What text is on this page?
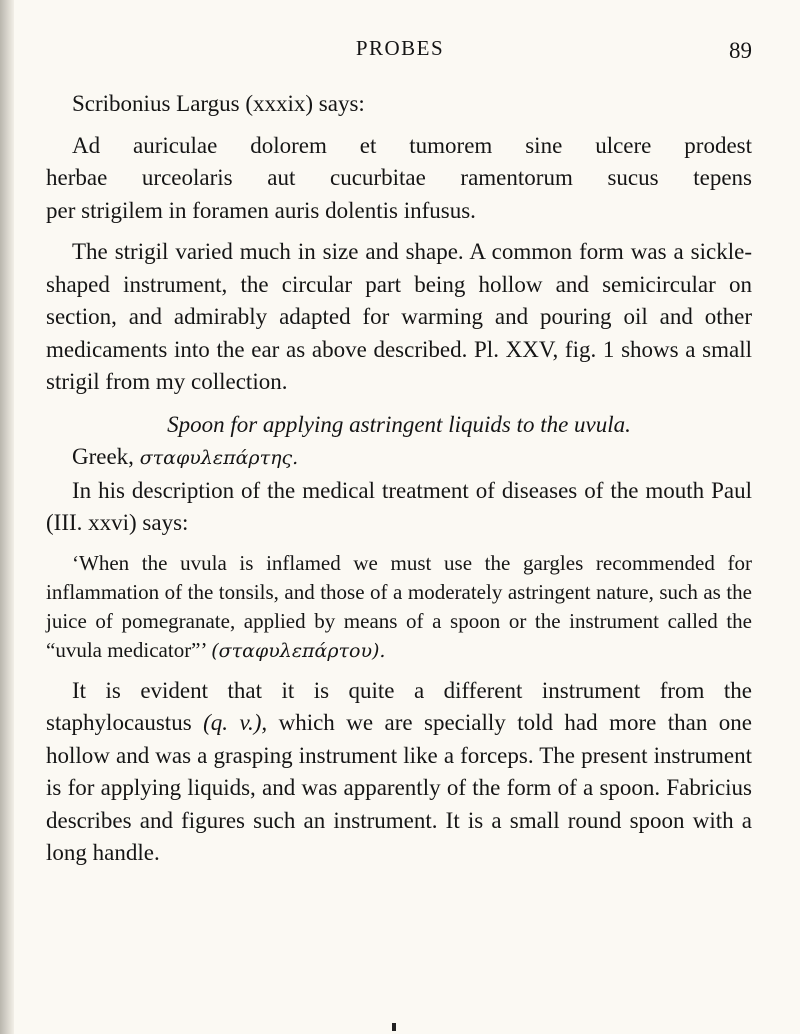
PROBES	89

Scribonius Largus (xxxix) says:

Ad auriculae dolorem et tumorem sine ulcere prodest

herbae urceolaris aut cucurbitae ramentorum sucus tepens

per strigilem in foramen auris dolentis infusus.

The strigil varied much in size and shape. A common form was a sickle-shaped instrument, the circular part being hollow and semicircular on section, and admirably adapted for warming and pouring oil and other medicaments into the ear as above described. Pl. XXV, fig. 1 shows a small strigil from my collection.

Spoon for applying astringent liquids to the uvula.

Greek, σταφυλεπάρτης.

In his description of the medical treatment of diseases of the mouth Paul (III. xxvi) says:

‘When the uvula is inflamed we must use the gargles recommended for inflammation of the tonsils, and those of a moderately astringent nature, such as the juice of pomegranate, applied by means of a spoon or the instrument called the “uvula medicator”’ (σταφυλεπάρτου).

It is evident that it is quite a different instrument from the staphylocaustus (q. v.), which we are specially told had more than one hollow and was a grasping instrument like a forceps. The present instrument is for applying liquids, and was apparently of the form of a spoon. Fabricius describes and figures such an instrument. It is a small round spoon with a long handle.
